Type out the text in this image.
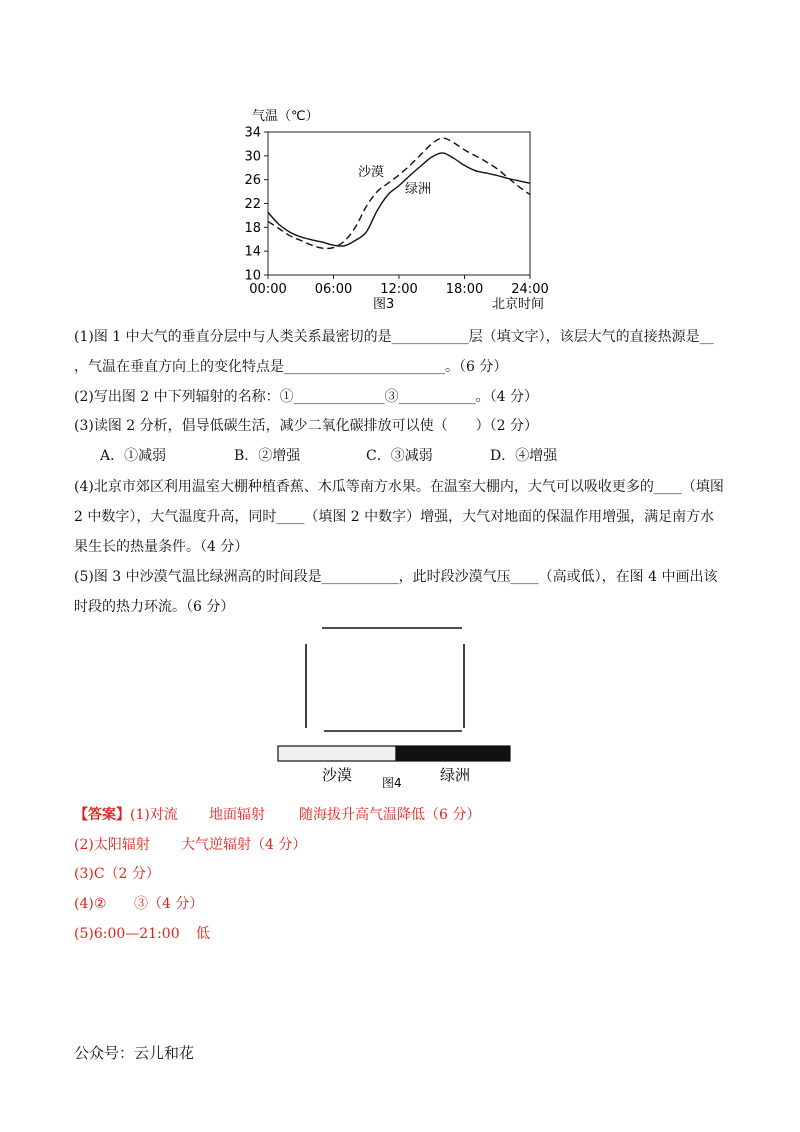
气温（℃）
34
30
26
22
18
14
10
00:00 06:00 12:00 18:00 24:00
沙漠
绿洲
图3	北京时间
(1)图 1 中大气的垂直分层中与人类关系最密切的是___________层（填文字），该层大气的直接热源是__
，气温在垂直方向上的变化特点是_______________________。（6 分）
(2)写出图 2 中下列辐射的名称：①_____________③___________。（4 分）
(3)读图 2 分析，倡导低碳生活，减少二氧化碳排放可以使（　　）（2 分）
A．①减弱	B．②增强	C．③减弱	D．④增强
(4)北京市郊区利用温室大棚种植香蕉、木瓜等南方水果。在温室大棚内，大气可以吸收更多的____（填图
2 中数字），大气温度升高，同时____（填图 2 中数字）增强，大气对地面的保温作用增强，满足南方水
果生长的热量条件。（4 分）
(5)图 3 中沙漠气温比绿洲高的时间段是___________，此时段沙漠气压____（高或低），在图 4 中画出该
时段的热力环流。（6 分）
沙漠 图4	绿洲
【答案】(1)对流 地面辐射 随海拔升高气温降低（6 分）
(2)太阳辐射 大气逆辐射（4 分）
(3)C（2 分）
(4)② ③（4 分）
(5)6:00—21:00 低
公众号：云儿和花
